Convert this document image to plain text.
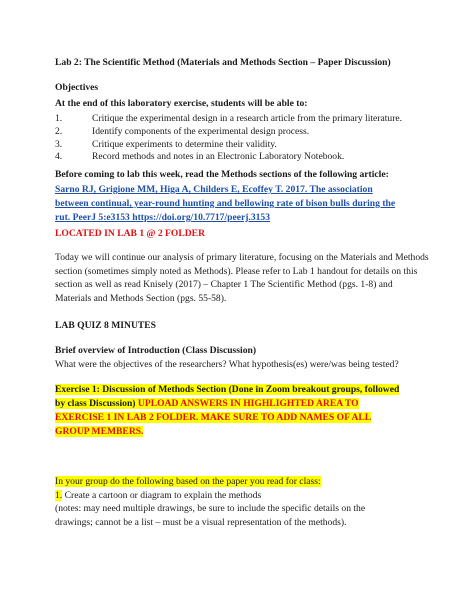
Lab 2: The Scientific Method (Materials and Methods Section – Paper Discussion)
Objectives
At the end of this laboratory exercise, students will be able to:
1.	Critique the experimental design in a research article from the primary literature.
2.	Identify components of the experimental design process.
3.	Critique experiments to determine their validity.
4.	Record methods and notes in an Electronic Laboratory Notebook.
Before coming to lab this week, read the Methods sections of the following article:
Sarno RJ, Grigione MM, Higa A, Childers E, Ecoffey T. 2017. The association
between continual, year-round hunting and bellowing rate of bison bulls during the
rut. PeerJ 5:e3153 https://doi.org/10.7717/peerj.3153
LOCATED IN LAB 1 @ 2 FOLDER
Today we will continue our analysis of primary literature, focusing on the Materials and Methods
section (sometimes simply noted as Methods). Please refer to Lab 1 handout for details on this
section as well as read Knisely (2017) – Chapter 1 The Scientific Method (pgs. 1-8) and
Materials and Methods Section (pgs. 55-58).
LAB QUIZ 8 MINUTES
Brief overview of Introduction (Class Discussion)
What were the objectives of the researchers? What hypothesis(es) were/was being tested?
Exercise 1: Discussion of Methods Section (Done in Zoom breakout groups, followed
by class Discussion) UPLOAD ANSWERS IN HIGHLIGHTED AREA TO
EXERCISE 1 IN LAB 2 FOLDER. MAKE SURE TO ADD NAMES OF ALL
GROUP MEMBERS.
In your group do the following based on the paper you read for class:
1. Create a cartoon or diagram to explain the methods
(notes: may need multiple drawings, be sure to include the specific details on the
drawings; cannot be a list – must be a visual representation of the methods).
